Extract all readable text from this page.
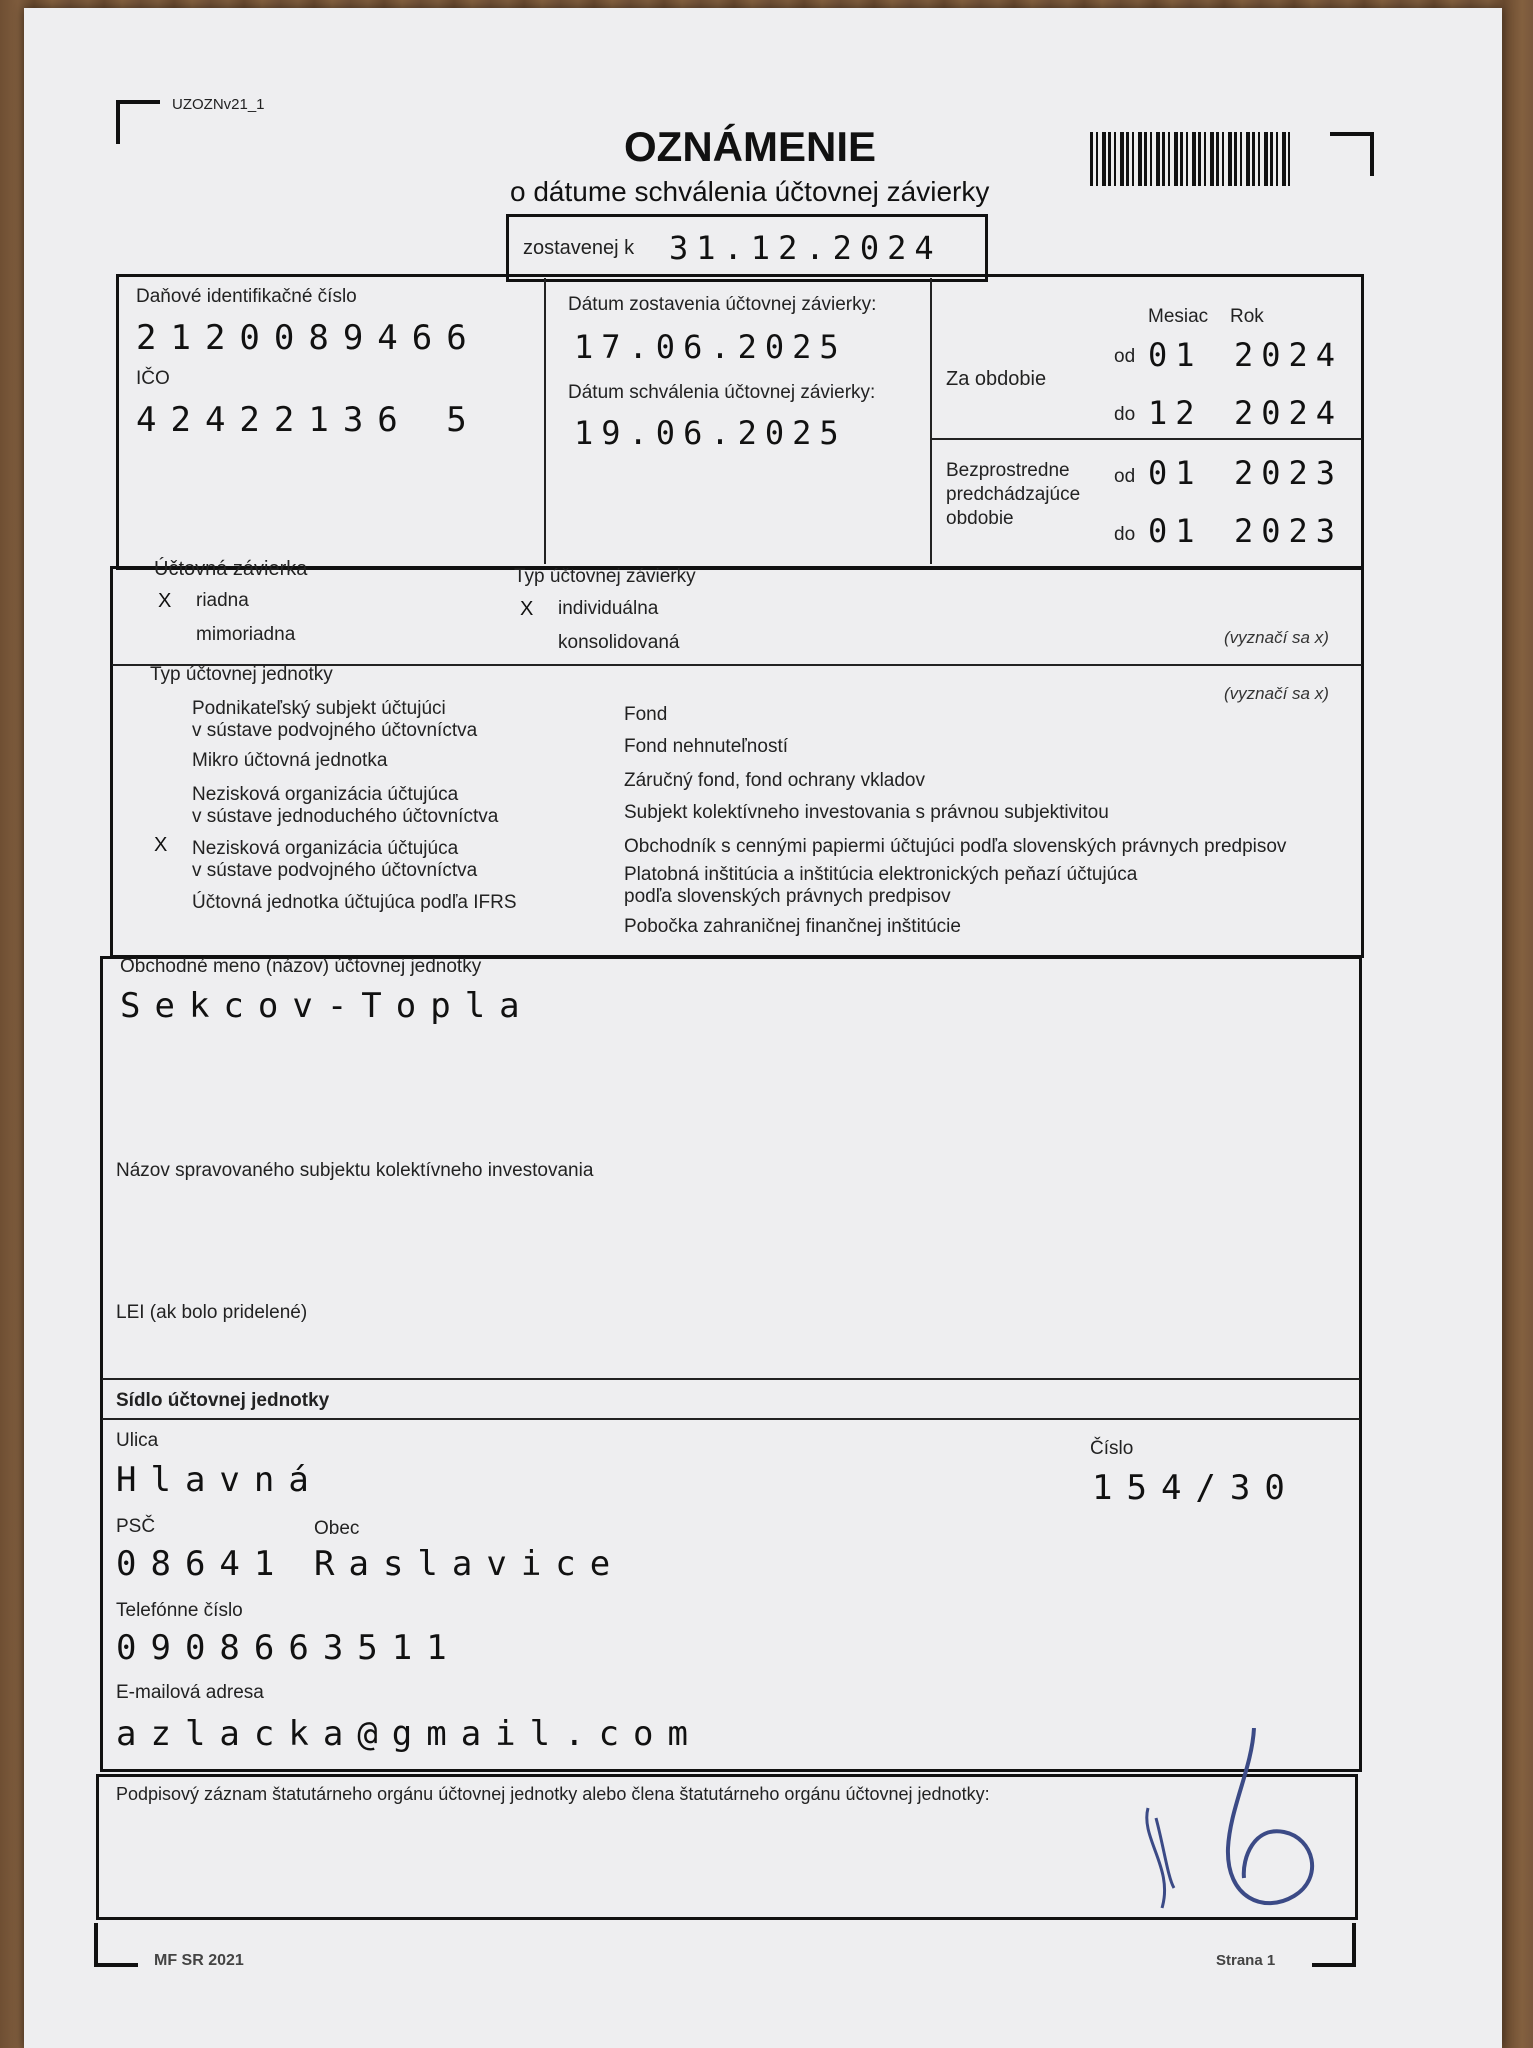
UZOZNv21_1
OZNÁMENIE
o dátume schválenia účtovnej závierky
zostavenej k 31.12.2024
Daňové identifikačné číslo
2120089466
IČO
42422136 5
Dátum zostavenia účtovnej závierky:
17.06.2025
Dátum schválenia účtovnej závierky:
19.06.2025
Mesiac Rok
Za obdobie
od 01 2024
do 12 2024
Bezprostredne
predchádzajúce
obdobie
od 01 2023
do 01 2023
Účtovná závierka
X riadna
mimoriadna
Typ účtovnej závierky
X individuálna
konsolidovaná	(vyznačí sa x)
Typ účtovnej jednotky
(vyznačí sa x)
Podnikateľský subjekt účtujúci
v sústave podvojného účtovníctva
Mikro účtovná jednotka
Nezisková organizácia účtujúca
v sústave jednoduchého účtovníctva
X Nezisková organizácia účtujúca
v sústave podvojného účtovníctva
Účtovná jednotka účtujúca podľa IFRS
Fond
Fond nehnuteľností
Záručný fond, fond ochrany vkladov
Subjekt kolektívneho investovania s právnou subjektivitou
Obchodník s cennými papiermi účtujúci podľa slovenských právnych predpisov
Platobná inštitúcia a inštitúcia elektronických peňazí účtujúca
podľa slovenských právnych predpisov
Pobočka zahraničnej finančnej inštitúcie
Obchodné meno (názov) účtovnej jednotky
Sekcov-Topla
Názov spravovaného subjektu kolektívneho investovania
LEI (ak bolo pridelené)
Sídlo účtovnej jednotky
Ulica
Hlavná
Číslo
154/30
PSČ
08641
Obec
Raslavice
Telefónne číslo
0908663511
E-mailová adresa
azlacka@gmail.com
Podpisový záznam štatutárneho orgánu účtovnej jednotky alebo člena štatutárneho orgánu účtovnej jednotky:
MF SR 2021	Strana 1
